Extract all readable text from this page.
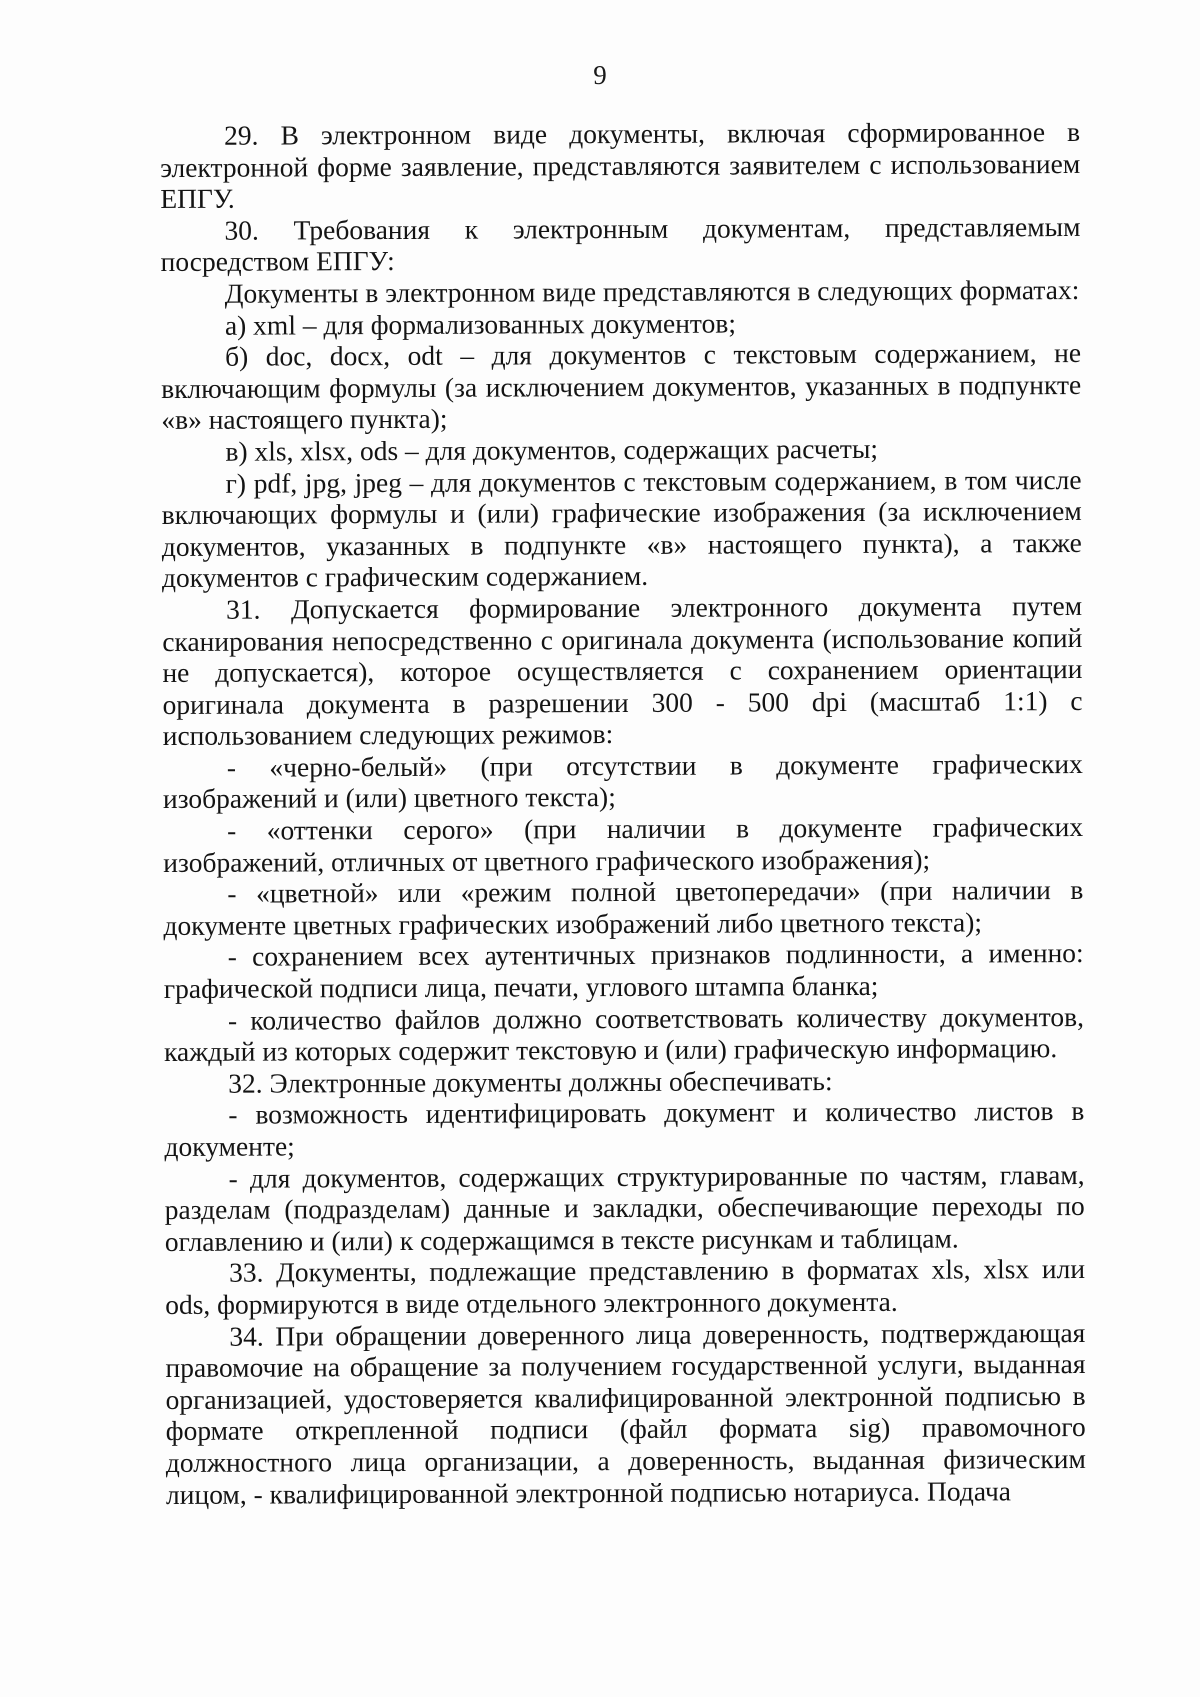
9

29. В электронном виде документы, включая сформированное в электронной форме заявление, представляются заявителем с использованием ЕПГУ.

30. Требования к электронным документам, представляемым посредством ЕПГУ:

Документы в электронном виде представляются в следующих форматах:

а) xml – для формализованных документов;

б) doc, docx, odt – для документов с текстовым содержанием, не включающим формулы (за исключением документов, указанных в подпункте «в» настоящего пункта);

в) xls, xlsx, ods – для документов, содержащих расчеты;

г) pdf, jpg, jpeg – для документов с текстовым содержанием, в том числе включающих формулы и (или) графические изображения (за исключением документов, указанных в подпункте «в» настоящего пункта), а также документов с графическим содержанием.

31. Допускается формирование электронного документа путем сканирования непосредственно с оригинала документа (использование копий не допускается), которое осуществляется с сохранением ориентации оригинала документа в разрешении 300 - 500 dpi (масштаб 1:1) с использованием следующих режимов:

- «черно-белый» (при отсутствии в документе графических изображений и (или) цветного текста);

- «оттенки серого» (при наличии в документе графических изображений, отличных от цветного графического изображения);

- «цветной» или «режим полной цветопередачи» (при наличии в документе цветных графических изображений либо цветного текста);

- сохранением всех аутентичных признаков подлинности, а именно: графической подписи лица, печати, углового штампа бланка;

- количество файлов должно соответствовать количеству документов, каждый из которых содержит текстовую и (или) графическую информацию.

32. Электронные документы должны обеспечивать:

- возможность идентифицировать документ и количество листов в документе;

- для документов, содержащих структурированные по частям, главам, разделам (подразделам) данные и закладки, обеспечивающие переходы по оглавлению и (или) к содержащимся в тексте рисункам и таблицам.

33. Документы, подлежащие представлению в форматах xls, xlsx или ods, формируются в виде отдельного электронного документа.

34. При обращении доверенного лица доверенность, подтверждающая правомочие на обращение за получением государственной услуги, выданная организацией, удостоверяется квалифицированной электронной подписью в формате открепленной подписи (файл формата sig) правомочного должностного лица организации, а доверенность, выданная физическим лицом, - квалифицированной электронной подписью нотариуса. Подача
